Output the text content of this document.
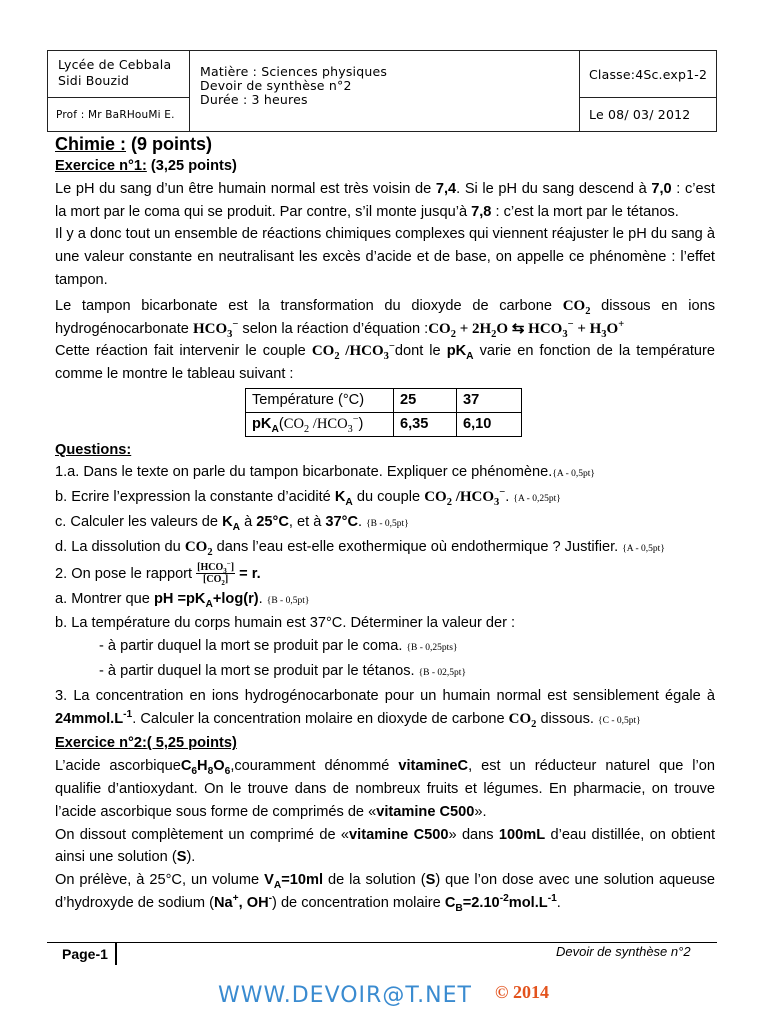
Lycée de Cebbala
Sidi Bouzid
Prof : Mr BaRHouMi E.
Matière : Sciences physiques
Devoir de synthèse n°2
Durée : 3 heures
Classe:4Sc.exp1-2
Le 08/ 03/ 2012

Chimie : (9 points)

Exercice n°1: (3,25 points)

Le pH du sang d’un être humain normal est très voisin de 7,4. Si le pH du sang descend à 7,0 : c’est la mort par le coma qui se produit. Par contre, s’il monte jusqu’à 7,8 : c’est la mort par le tétanos.

Il y a donc tout un ensemble de réactions chimiques complexes qui viennent réajuster le pH du sang à une valeur constante en neutralisant les excès d’acide et de base, on appelle ce phénomène : l’effet tampon.

Le tampon bicarbonate est la transformation du dioxyde de carbone $CO_2$ dissous en ions hydrogénocarbonate $HCO_3^-$ selon la réaction d’équation $:CO_2 + 2H_2O$ ⇆ $HCO_3^- + H_3O^+$

Cette réaction fait intervenir le couple $CO_2$ $/HCO_3^-dont$ le $pK_A$ varie en fonction de la température comme le montre le tableau suivant :

Température (°C)	25	37
$pK_A(CO_2$ $/HCO_3^-$)	6,35	6,10

Questions:

1.a. Dans le texte on parle du tampon bicarbonate. Expliquer ce phénomène.{A - 0,5pt}

b. Ecrire l’expression la constante d’acidité $K_A$ du couple $CO_2$ $/HCO_3^-$. {A - 0,25pt}

c. Calculer les valeurs de $K_A$ à 25°C, et à 37°C. {B - 0,5pt}

d. La dissolution du $CO_2$ dans l’eau est-elle exothermique où endothermique ? Justifier. {A - 0,5pt}

2. On pose le rapport $\frac{[HCO_3^-]}{[CO_2]} = r$.

a. Montrer que pH $=pK_A+\log(r)$. {B - 0,5pt}

b. La température du corps humain est 37°C. Déterminer la valeur der :

- à partir duquel la mort se produit par le coma. {B - 0,25pts}

- à partir duquel la mort se produit par le tétanos. {B - 02,5pt}

3. La concentration en ions hydrogénocarbonate pour un humain normal est sensiblement égale à $24mmol.L^{-1}$. Calculer la concentration molaire en dioxyde de carbone $CO_2$ dissous. {C - 0,5pt}

Exercice n°2:( 5,25 points)

L’acide $ascorbiqueC_6H_8O_6,couramment$ dénommé vitamineC, est un réducteur naturel que l’on qualifie d’antioxydant. On le trouve dans de nombreux fruits et légumes. En pharmacie, on trouve l’acide ascorbique sous forme de comprimés de «vitamine C500».

On dissout complètement un comprimé de «vitamine C500» dans 100mL d’eau distillée, on obtient ainsi une solution (S).

On prélève, à 25°C, un volume $V_A=10ml$ de la solution (S) que l’on dose avec une solution aqueuse d’hydroxyde de sodium (Na+, OH-) de concentration molaire $C_B=2.10^{-2}mol.L^{-1}$.

Page-1	Devoir de synthèse n°2
WWW.DEVOIR@T.NET © 2014
